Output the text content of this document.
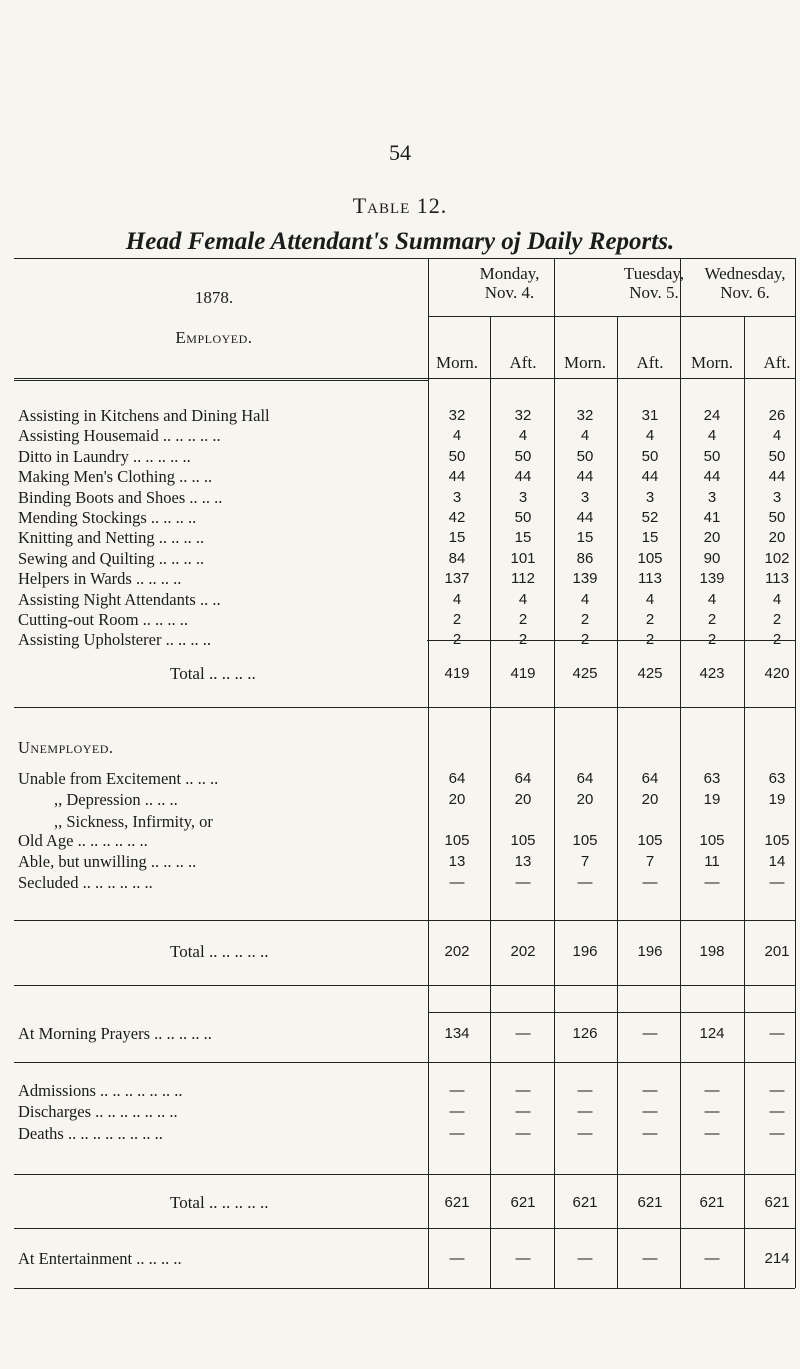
54
Table 12.
Head Female Attendant's Summary oj Daily Reports.
1878.
Employed.
Monday,
Nov. 4.
Tuesday,
Nov. 5.
Wednesday,
Nov. 6.
Morn.	Aft.	Morn.	Aft.	Morn.	Aft.
Assisting in Kitchens and Dining Hall	32	32	32	31	24	26
Assisting Housemaid .. .. .. .. ..	4	4	4	4	4	4
Ditto in Laundry .. .. .. .. ..	50	50	50	50	50	50
Making Men's Clothing .. .. ..	44	44	44	44	44	44
Binding Boots and Shoes .. .. ..	3	3	3	3	3	3
Mending Stockings .. .. .. ..	42	50	44	52	41	50
Knitting and Netting .. .. .. ..	15	15	15	15	20	20
Sewing and Quilting .. .. .. ..	84	101	86	105	90	102
Helpers in Wards .. .. .. ..	137	112	139	113	139	113
Assisting Night Attendants .. ..	4	4	4	4	4	4
Cutting-out Room .. .. .. ..	2	2	2	2	2	2
Assisting Upholsterer .. .. .. ..	2	2	2	2	2	2
Total .. .. .. ..	419	419	425	425	423	420
Unemployed.
Unable from Excitement .. .. ..	64	64	64	64	63	63
,, Depression .. .. ..	20	20	20	20	19	19
,, Sickness, Infirmity, or
Old Age .. .. .. .. .. ..	105	105	105	105	105	105
Able, but unwilling .. .. .. ..	13	13	7	7	11	14
Secluded .. .. .. .. .. ..	—	—	—	—	—	—
Total .. .. .. .. ..	202	202	196	196	198	201
At Morning Prayers .. .. .. .. ..	134	—	126	—	124	—
Admissions .. .. .. .. .. .. ..	—	—	—	—	—	—
Discharges .. .. .. .. .. .. ..	—	—	—	—	—	—
Deaths .. .. .. .. .. .. .. ..	—	—	—	—	—	—
Total .. .. .. .. ..	621	621	621	621	621	621
At Entertainment .. .. .. ..	—	—	—	—	—	214
